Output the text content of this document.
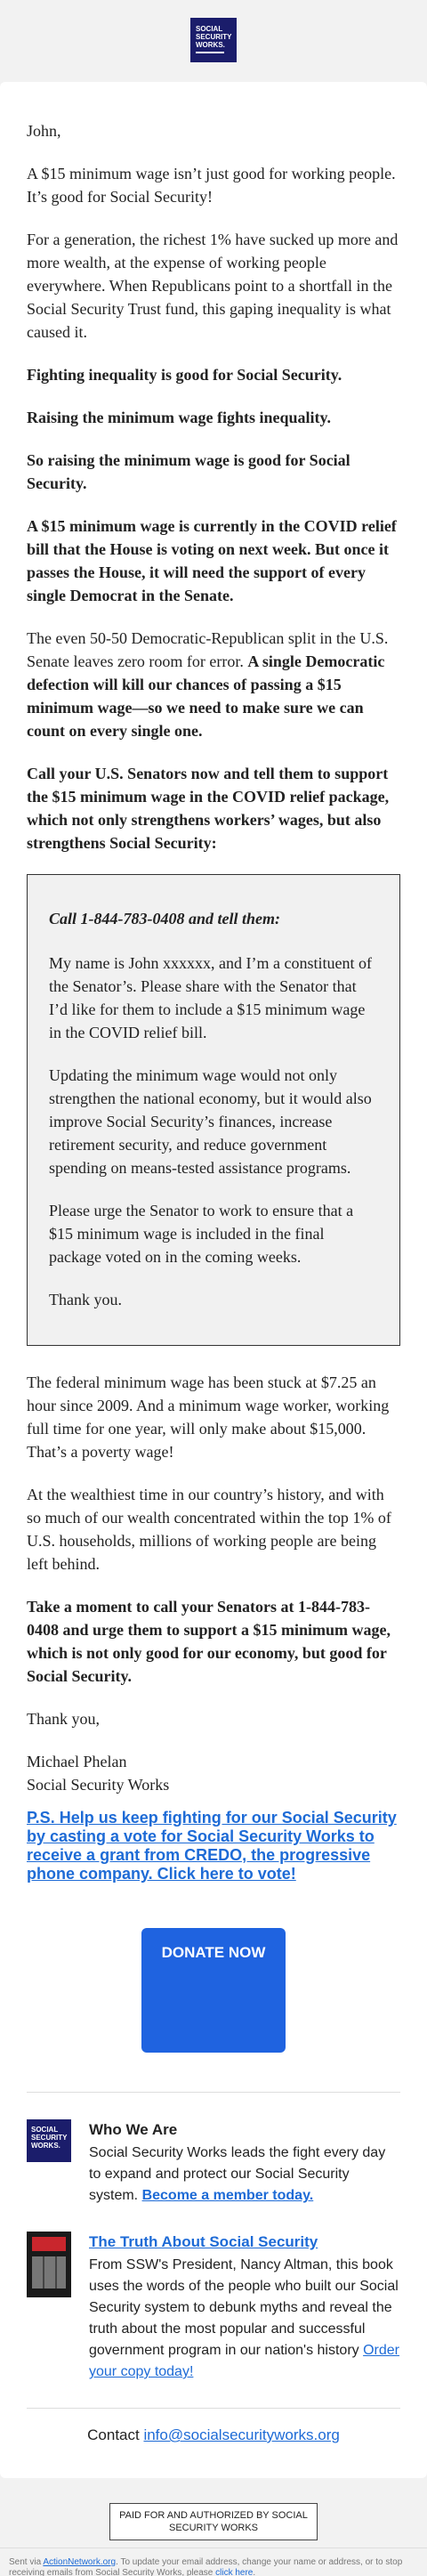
SOCIAL
SECURITY
WORKS.

John,

A $15 minimum wage isn’t just good for working people. It’s good for Social Security!

For a generation, the richest 1% have sucked up more and more wealth, at the expense of working people everywhere. When Republicans point to a shortfall in the Social Security Trust fund, this gaping inequality is what caused it.

Fighting inequality is good for Social Security.

Raising the minimum wage fights inequality.

So raising the minimum wage is good for Social Security.

A $15 minimum wage is currently in the COVID relief bill that the House is voting on next week. But once it passes the House, it will need the support of every single Democrat in the Senate.

The even 50-50 Democratic-Republican split in the U.S. Senate leaves zero room for error. A single Democratic defection will kill our chances of passing a $15 minimum wage—so we need to make sure we can count on every single one.

Call your U.S. Senators now and tell them to support the $15 minimum wage in the COVID relief package, which not only strengthens workers’ wages, but also strengthens Social Security:

Call 1-844-783-0408 and tell them:

My name is John xxxxxx, and I’m a constituent of the Senator’s. Please share with the Senator that I’d like for them to include a $15 minimum wage in the COVID relief bill.

Updating the minimum wage would not only strengthen the national economy, but it would also improve Social Security’s finances, increase retirement security, and reduce government spending on means-tested assistance programs.

Please urge the Senator to work to ensure that a $15 minimum wage is included in the final package voted on in the coming weeks.

Thank you.

The federal minimum wage has been stuck at $7.25 an hour since 2009. And a minimum wage worker, working full time for one year, will only make about $15,000. That’s a poverty wage!

At the wealthiest time in our country’s history, and with so much of our wealth concentrated within the top 1% of U.S. households, millions of working people are being left behind.

Take a moment to call your Senators at 1-844-783-0408 and urge them to support a $15 minimum wage, which is not only good for our economy, but good for Social Security.

Thank you,

Michael Phelan
Social Security Works

P.S. Help us keep fighting for our Social Security by casting a vote for Social Security Works to receive a grant from CREDO, the progressive phone company. Click here to vote!
DONATE NOW
SOCIAL
SECURITY
WORKS.
Who We Are
Social Security Works leads the fight every day to expand and protect our Social Security system. Become a member today.
The Truth About Social Security
From SSW's President, Nancy Altman, this book uses the words of the people who built our Social Security system to debunk myths and reveal the truth about the most popular and successful government program in our nation's history Order your copy today!
Contact info@socialsecurityworks.org
PAID FOR AND AUTHORIZED BY SOCIAL SECURITY WORKS
Sent via ActionNetwork.org. To update your email address, change your name or address, or to stop receiving emails from Social Security Works, please click here.
